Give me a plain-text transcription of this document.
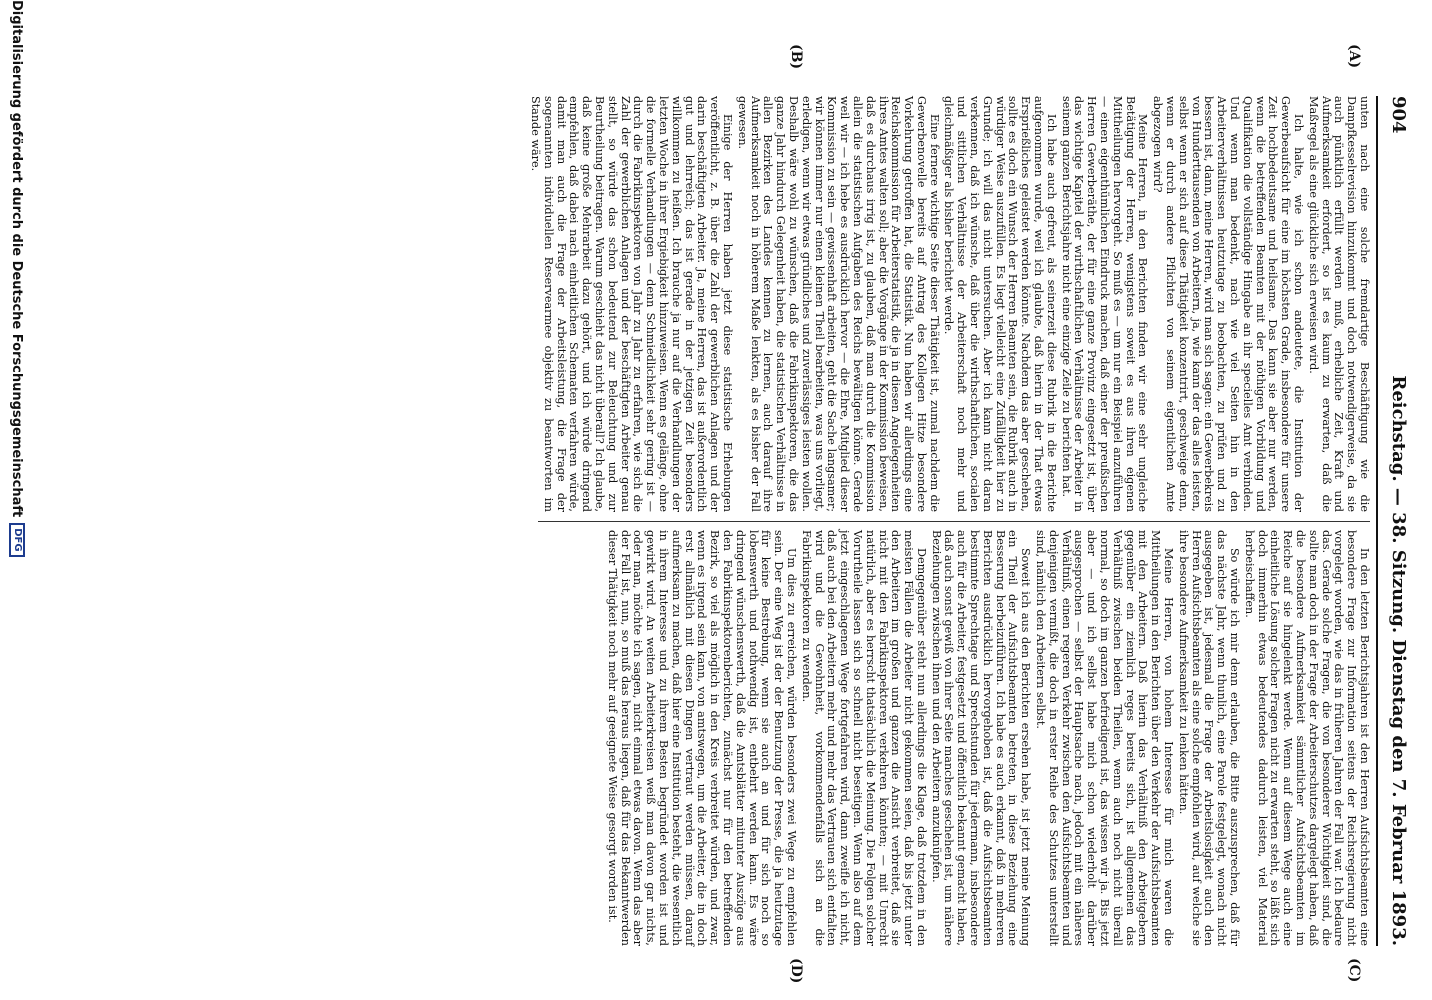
904
Reichstag. — 38. Sitzung. Dienstag den 7. Februar 1893.
(A)
(B)
(C)
(D)

unten nach eine solche fremdartige Beschäftigung wie die Dampfkesselrevision hinzukommt und doch notwendigerweise, da sie auch pünktlich erfüllt werden muß, erhebliche Zeit, Kraft und Aufmerksamkeit erfordert, so ist es kaum zu erwarten, daß die Maßregel als eine glückliche sich erweisen wird.

Ich halte, wie ich schon andeutete, die Institution der Gewerbeaufsicht für eine im höchsten Grade, insbesondere für unsere Zeit hochbedeutsame und heilsame. Das kann sie aber nur werden, wenn die betreffenden Beamten mit der nöthigen Vorbildung und Qualifikation die vollständige Hingabe an ihr specielles Amt verbinden. Und wenn man bedenkt, nach wie viel Seiten hin in den Arbeiterverhältnissen heutzutage zu beobachten, zu prüfen und zu bessern ist, dann, meine Herren, wird man sich sagen: ein Gewerbekreis von Hunderttausenden von Arbeitern, ja, wie kann der das alles leisten, selbst wenn er sich auf diese Thätigkeit konzentrirt, geschweige denn, wenn er durch andere Pflichten von seinem eigentlichen Amte abgezogen wird?

Meine Herren, in den Berichten finden wir eine sehr ungleiche Betätigung der Herren, wenigstens soweit es aus ihren eigenen Mittheilungen hervorgeht. So muß es — um nur ein Beispiel anzuführen — einen eigenthümlichen Eindruck machen, daß einer der preußischen Herren Gewerberäthe, der für eine ganze Provinz eingesetzt ist, über das wichtige Kapitel der wirthschaftlichen Verhältnisse der Arbeiter in seinem ganzen Berichtsjahre nicht eine einzige Zeile zu berichten hat.

Ich habe auch gefreut, als seinerzeit diese Rubrik in die Berichte aufgenommen wurde, weil ich glaubte, daß hierin in der That etwas Ersprießliches geleistet werden könnte. Nachdem das aber geschehen, sollte es doch ein Wunsch der Herren Beamten sein, die Rubrik auch in würdiger Weise auszufüllen. Es liegt vielleicht eine Zufälligkeit hier zu Grunde; ich will das nicht untersuchen. Aber ich kann nicht daran verkennen, daß ich wünsche, daß über die wirthschaftlichen, socialen und sittlichen Verhältnisse der Arbeiterschaft noch mehr und gleichmäßiger als bisher berichtet werde.

Eine fernere wichtige Seite dieser Thätigkeit ist, zumal nachdem die Gewerbenovelle bereits auf Antrag des Kollegen Hitze besondere Vorkehrung getroffen hat, die Statistik. Nun haben wir allerdings eine Reichskommission für Arbeiterstatistik, die ja in diesen Angelegenheiten ihres Amtes walten soll; aber die Vorgänge in der Kommission beweisen, daß es durchaus irrig ist, zu glauben, daß man durch die Kommission allein die statistischen Aufgaben des Reichs bewältigen könne. Gerade weil wir — ich hebe es ausdrücklich hervor — die Ehre, Mitglied dieser Kommission zu sein — gewissenhaft arbeiten, geht die Sache langsamer; wir können immer nur einen kleinen Theil bearbeiten, was uns vorliegt, erledigen, wenn wir etwas gründliches und zuverlässiges leisten wollen. Deshalb wäre wohl zu wünschen, daß die Fabrikinspektoren, die das ganze Jahr hindurch Gelegenheit haben, die statistischen Verhältnisse in allen Bezirken des Landes kennen zu lernen, auch darauf ihre Aufmerksamkeit noch in höherem Maße lenkten, als es bisher der Fall gewesen.

Einige der Herren haben jetzt diese statistische Erhebungen veröffentlicht, z. B. über die Zahl der gewerblichen Anlagen und der darin beschäftigten Arbeiter. Ja, meine Herren, das ist außerordentlich gut und lehrreich; das ist gerade in der jetzigen Zeit besonders willkommen zu heißen. Ich brauche ja nur auf die Verhandlungen der letzten Woche in ihrer Ergiebigkeit hinzuweisen. Wenn es gelänge, ohne die formelle Verhandlungen — denn Schmiedlichkeit sehr gering ist — durch die Fabrikinspektoren von Jahr zu Jahr zu erfahren, wie sich die Zahl der gewerblichen Anlagen und der beschäftigten Arbeiter genau stellt, so würde das schon bedeutend zur Beleuchtung und zur Beurtheilung beitragen. Warum geschieht das nicht überall? Ich glaube, daß keine große Mehrarbeit dazu gehört, und ich würde dringend empfehlen, daß dabei nach einheitlichen Schematen verfahren würde, damit man auch die Frage der Arbeitsleistung, die Frage der sogenannten individuellen Reservearmee objektiv zu beantworten im Stande wäre.

In den letzten Berichtsjahren ist den Herren Aufsichtsbeamten eine besondere Frage zur Information seitens der Reichsregierung nicht vorgelegt worden, wie das in früheren Jahren der Fall war. Ich bedaure das. Gerade solche Fragen, die von besonderer Wichtigkeit sind, die sollte man doch in der Frage der Arbeiterschutzes dargelegt haben, daß die besondere Aufmerksamkeit sämmtlicher Aufsichtsbeamten im Reiche auf sie hingelenkt werde. Wenn auf diesem Wege auch eine einheitliche Lösung solcher Fragen nicht zu erwarten steht, so läßt sich doch immerhin etwas bedeutendes dadurch leisten, viel Material herbeischaffen.

So würde ich mir denn erlauben, die Bitte auszusprechen, daß für das nächste Jahr, wenn thunlich, eine Parole festgelegt, wonach nicht ausgegeben ist, jedesmal die Frage der Arbeitslosigkeit auch den Herren Aufsichtsbeamten als eine solche empfohlen wird, auf welche sie ihre besondere Aufmerksamkeit zu lenken hätten.

Meine Herren, von hohem Interesse für mich waren die Mittheilungen in den Berichten über den Verkehr der Aufsichtsbeamten mit den Arbeitern. Daß hierin das Verhältniß den Arbeitgebern gegenüber ein ziemlich reges bereits sich, ist allgemeinen das Verhältniß zwischen beiden Theilen, wenn auch noch nicht überall normal, so doch im ganzen befriedigend ist, das wissen wir ja. Bis jetzt aber — und ich selbst habe mich schon wiederholt darüber ausgesprochen — selbst der Hauptsache nach, jedoch mit ein näheres Verhältniß, einen regeren Verkehr zwischen den Aufsichtsbeamten und denjenigen vermißt, die doch in erster Reihe des Schutzes unterstellt sind, nämlich den Arbeitern selbst.

Soweit ich aus den Berichten ersehen habe, ist jetzt meine Meinung ein Theil der Aufsichtsbeamten betreten, in diese Beziehung eine Besserung herbeizuführen. Ich habe es auch erkannt, daß in mehreren Berichten ausdrücklich hervorgehoben ist, daß die Aufsichtsbeamten bestimmte Sprechtage und Sprechstunden für jedermann, insbesondere auch für die Arbeiter, festgesetzt und öffentlich bekannt gemacht haben, daß auch sonst gewiß von ihrer Seite manches geschehen ist, um nähere Beziehungen zwischen ihnen und den Arbeitern anzuknüpfen.

Demgegenüber steht nun allerdings die Klage, daß trotzdem in den meisten Fällen die Arbeiter nicht gekommen seien, daß bis jetzt unter den Arbeitern im großen und ganzen die Ansicht verbreitet, daß sie nicht mit den Fabrikinspektoren verkehren könnten; — mit Unrecht natürlich, aber es herrscht thatsächlich die Meinung. Die Folgen solcher Vorurtheile lassen sich so schnell nicht beseitigen. Wenn also auf dem jetzt eingeschlagenen Wege fortgefahren wird, dann zweifle ich nicht, daß auch bei den Arbeitern mehr und mehr das Vertrauen sich entfalten wird und die Gewohnheit, vorkommendenfalls sich an die Fabrikinspektoren zu wenden.

Um dies zu erreichen, würden besonders zwei Wege zu empfehlen sein. Der eine Weg ist der der Benutzung der Presse, die ja heutzutage für keine Bestrebung, wenn sie auch an und für sich noch so lobenswerth und nothwendig ist, entbehrt werden kann. Es wäre dringend wünschenswerth, daß die Amtsblätter mitunter Auszüge aus den Fabrikinspektorenberichten, zunächst nur für den betreffenden Bezirk, so viel als möglich in den Kreis verbreitet würden, und zwar, wenn es irgend sein kann, von amtswegen, um die Arbeiter, die in doch erst allmählich mit diesen Dingen vertraut werden müssen, darauf aufmerksam zu machen, daß hier eine Institution besteht, die wesentlich in ihrem Interesse und zu ihrem Besten begründet worden ist und gewirkt wird. An weiten Arbeiterkreisen weiß man davon gar nichts, oder man, möchte ich sagen, nicht einmal etwas davon. Wenn das aber der Fall ist, nun, so muß das heraus liegen, daß für das Bekanntwerden dieser Thätigkeit noch mehr auf geeignete Weise gesorgt worden ist.

Digitalisierung gefördert durch die Deutsche Forschungsgemeinschaft
DFG
